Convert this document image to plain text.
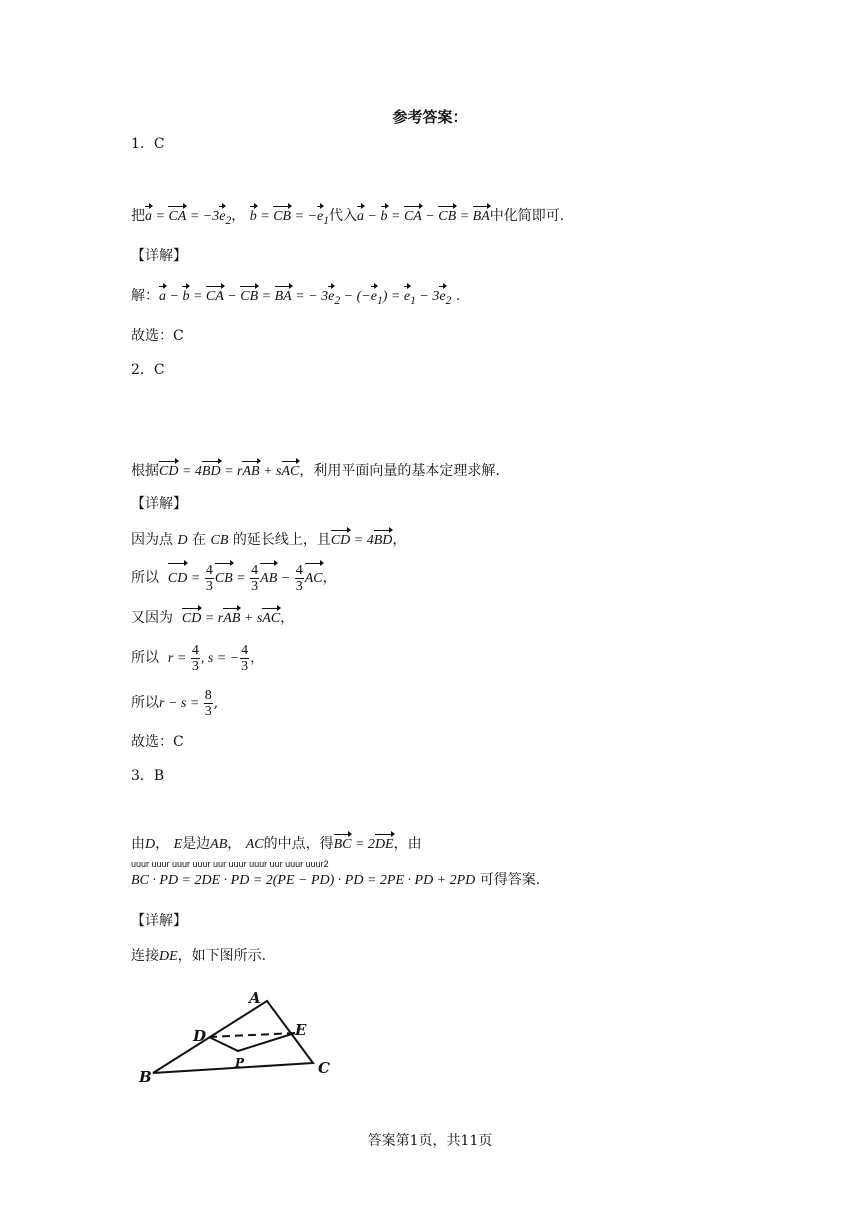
参考答案：
1．C
把a = CA = $-3e_2$， b = CB = $-e_1$代入a − b = CA − CB = BA中化简即可.
【详解】
解：a − b = CA − CB = BA = − $3e_2 - (-e_1) = e_1 - 3e_2$ .
故选：C
2．C
根据CD = 4BD = rAB + sAC，利用平面向量的基本定理求解.
【详解】
因为点 D 在 CB 的延长线上，且CD = 4BD，
所以 CD = $\frac{4}{3}$ CB = $\frac{4}{3}$ AB − $\frac{4}{3}$ AC，
又因为 CD = rAB + sAC，
所以 $r = \frac{4}{3}$ , s = − $\frac{4}{3}$ ，
所以$r - s = \frac{8}{3}$ ,
故选：C
3．B
由D， E是边AB， AC的中点，得BC = 2DE，由
uuur uuur uuur uuur uur uuur uuur uur uuur uuur2
BC · PD = 2DE · PD = 2(PE − PD) · PD = 2PE · PD + 2PD 可得答案.
【详解】
连接DE，如下图所示.
A
B	C
D	E
P
答案第1页，共11页
